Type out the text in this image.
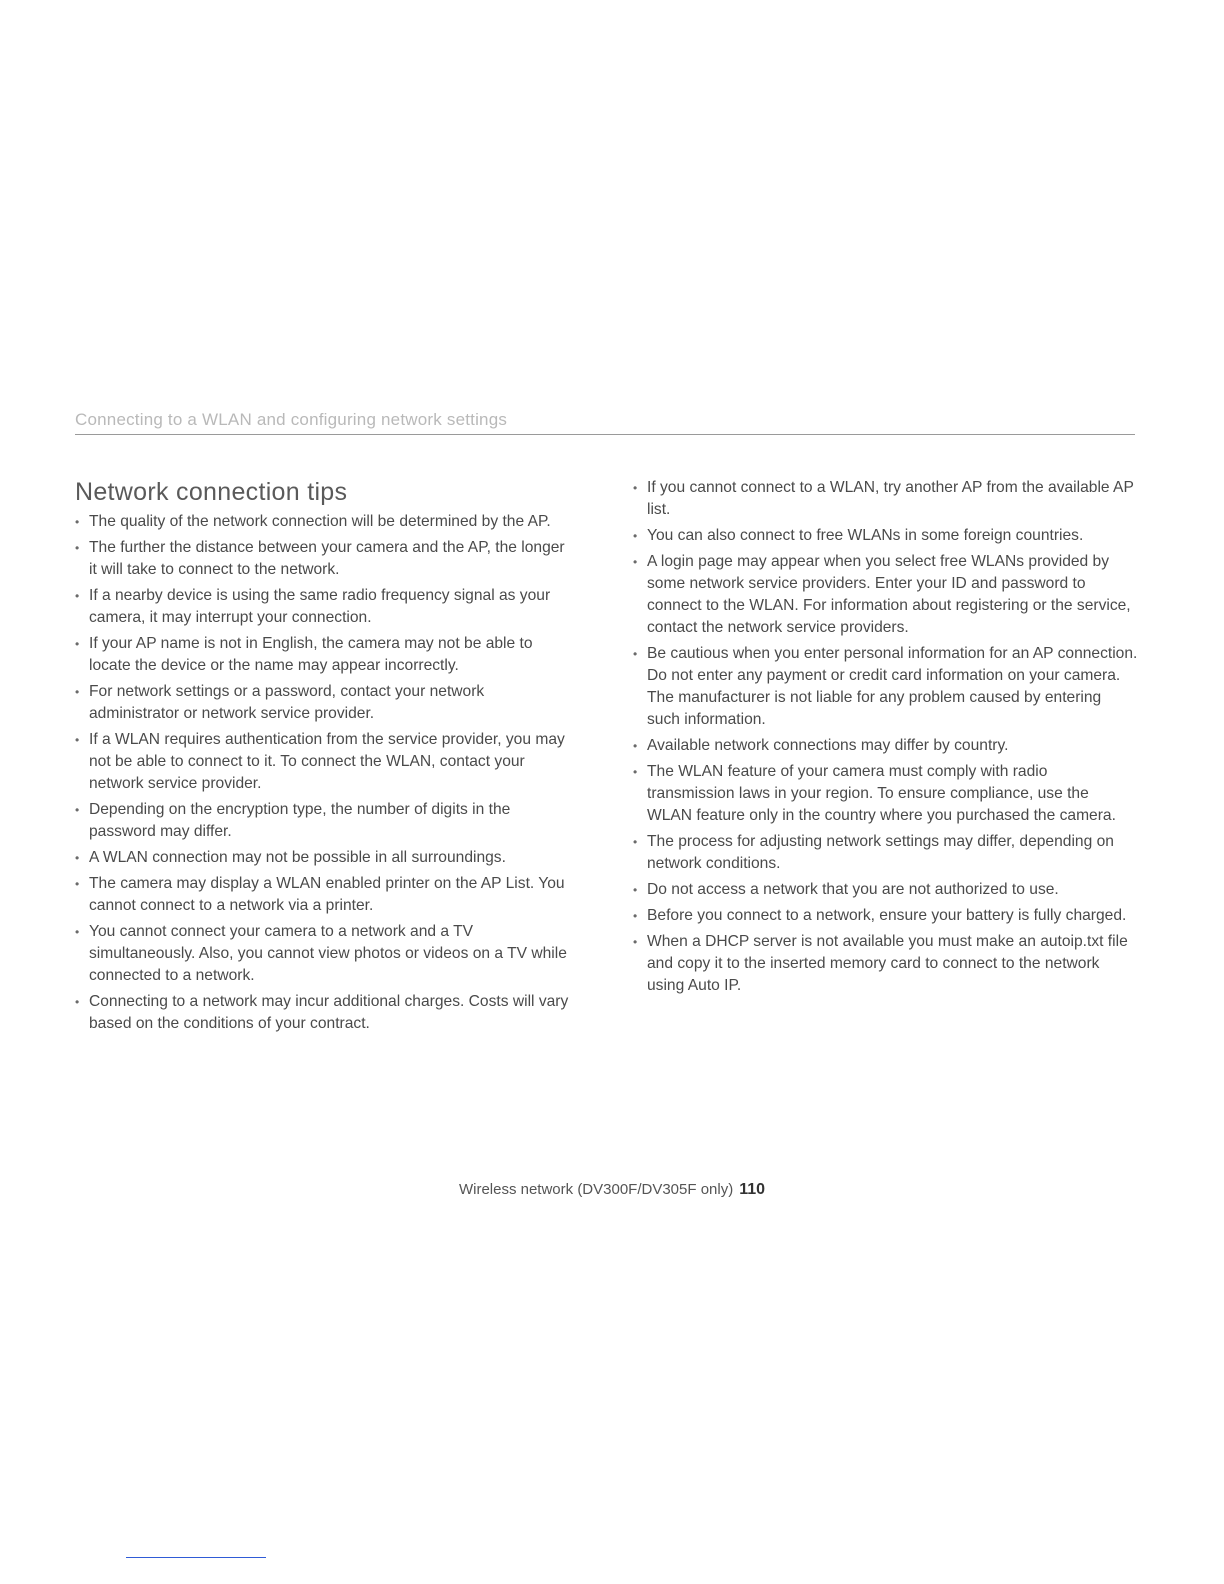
Connecting to a WLAN and configuring network settings
Network connection tips
• The quality of the network connection will be determined by the AP.
• The further the distance between your camera and the AP, the longer it will take to connect to the network.
• If a nearby device is using the same radio frequency signal as your camera, it may interrupt your connection.
• If your AP name is not in English, the camera may not be able to locate the device or the name may appear incorrectly.
• For network settings or a password, contact your network administrator or network service provider.
• If a WLAN requires authentication from the service provider, you may not be able to connect to it. To connect the WLAN, contact your network service provider.
• Depending on the encryption type, the number of digits in the password may differ.
• A WLAN connection may not be possible in all surroundings.
• The camera may display a WLAN enabled printer on the AP List. You cannot connect to a network via a printer.
• You cannot connect your camera to a network and a TV simultaneously. Also, you cannot view photos or videos on a TV while connected to a network.
• Connecting to a network may incur additional charges. Costs will vary based on the conditions of your contract.
• If you cannot connect to a WLAN, try another AP from the available AP list.
• You can also connect to free WLANs in some foreign countries.
• A login page may appear when you select free WLANs provided by some network service providers. Enter your ID and password to connect to the WLAN. For information about registering or the service, contact the network service providers.
• Be cautious when you enter personal information for an AP connection. Do not enter any payment or credit card information on your camera. The manufacturer is not liable for any problem caused by entering such information.
• Available network connections may differ by country.
• The WLAN feature of your camera must comply with radio transmission laws in your region. To ensure compliance, use the WLAN feature only in the country where you purchased the camera.
• The process for adjusting network settings may differ, depending on network conditions.
• Do not access a network that you are not authorized to use.
• Before you connect to a network, ensure your battery is fully charged.
• When a DHCP server is not available you must make an autoip.txt file and copy it to the inserted memory card to connect to the network using Auto IP.
Wireless network (DV300F/DV305F only) 110
